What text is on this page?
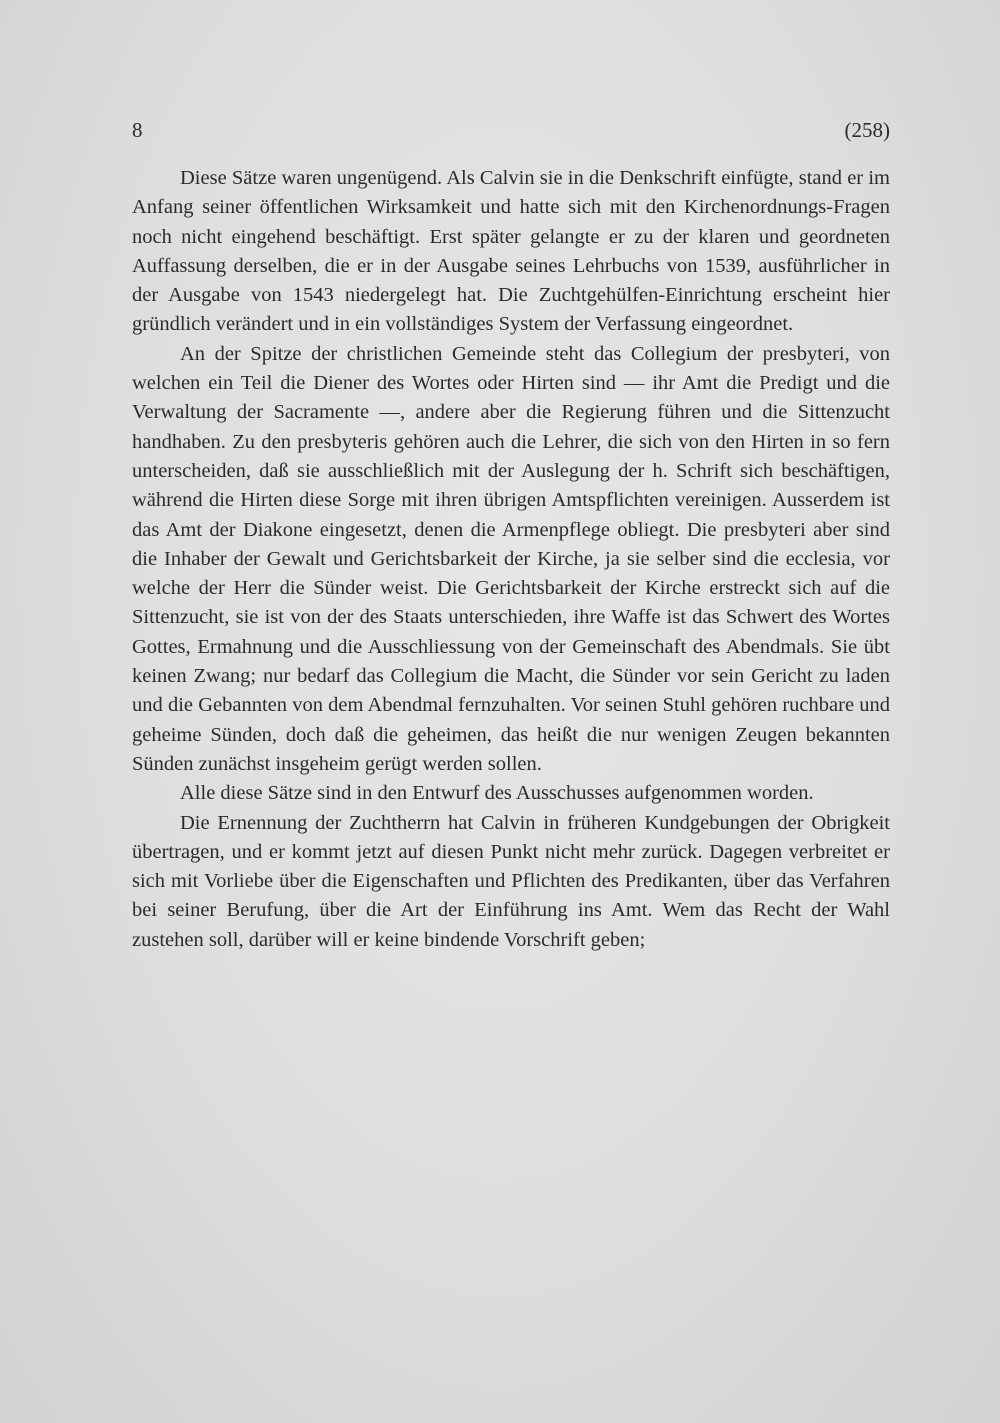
8	(258)

Diese Sätze waren ungenügend. Als Calvin sie in die Denkschrift einfügte, stand er im Anfang seiner öffentlichen Wirksamkeit und hatte sich mit den Kirchenordnungs-Fragen noch nicht eingehend beschäftigt. Erst später gelangte er zu der klaren und geordneten Auffassung derselben, die er in der Ausgabe seines Lehrbuchs von 1539, ausführlicher in der Ausgabe von 1543 niedergelegt hat. Die Zuchtgehülfen-Einrichtung erscheint hier gründlich verändert und in ein vollständiges System der Verfassung eingeordnet.

An der Spitze der christlichen Gemeinde steht das Collegium der presbyteri, von welchen ein Teil die Diener des Wortes oder Hirten sind — ihr Amt die Predigt und die Verwaltung der Sacramente —, andere aber die Regierung führen und die Sittenzucht handhaben. Zu den presbyteris gehören auch die Lehrer, die sich von den Hirten in so fern unterscheiden, daß sie ausschließlich mit der Auslegung der h. Schrift sich beschäftigen, während die Hirten diese Sorge mit ihren übrigen Amtspflichten vereinigen. Ausserdem ist das Amt der Diakone eingesetzt, denen die Armenpflege obliegt. Die presbyteri aber sind die Inhaber der Gewalt und Gerichtsbarkeit der Kirche, ja sie selber sind die ecclesia, vor welche der Herr die Sünder weist. Die Gerichtsbarkeit der Kirche erstreckt sich auf die Sittenzucht, sie ist von der des Staats unterschieden, ihre Waffe ist das Schwert des Wortes Gottes, Ermahnung und die Ausschliessung von der Gemeinschaft des Abendmals. Sie übt keinen Zwang; nur bedarf das Collegium die Macht, die Sünder vor sein Gericht zu laden und die Gebannten von dem Abendmal fernzuhalten. Vor seinen Stuhl gehören ruchbare und geheime Sünden, doch daß die geheimen, das heißt die nur wenigen Zeugen bekannten Sünden zunächst insgeheim gerügt werden sollen.

Alle diese Sätze sind in den Entwurf des Ausschusses aufgenommen worden.

Die Ernennung der Zuchtherrn hat Calvin in früheren Kundgebungen der Obrigkeit übertragen, und er kommt jetzt auf diesen Punkt nicht mehr zurück. Dagegen verbreitet er sich mit Vorliebe über die Eigenschaften und Pflichten des Predikanten, über das Verfahren bei seiner Berufung, über die Art der Einführung ins Amt. Wem das Recht der Wahl zustehen soll, darüber will er keine bindende Vorschrift geben;
